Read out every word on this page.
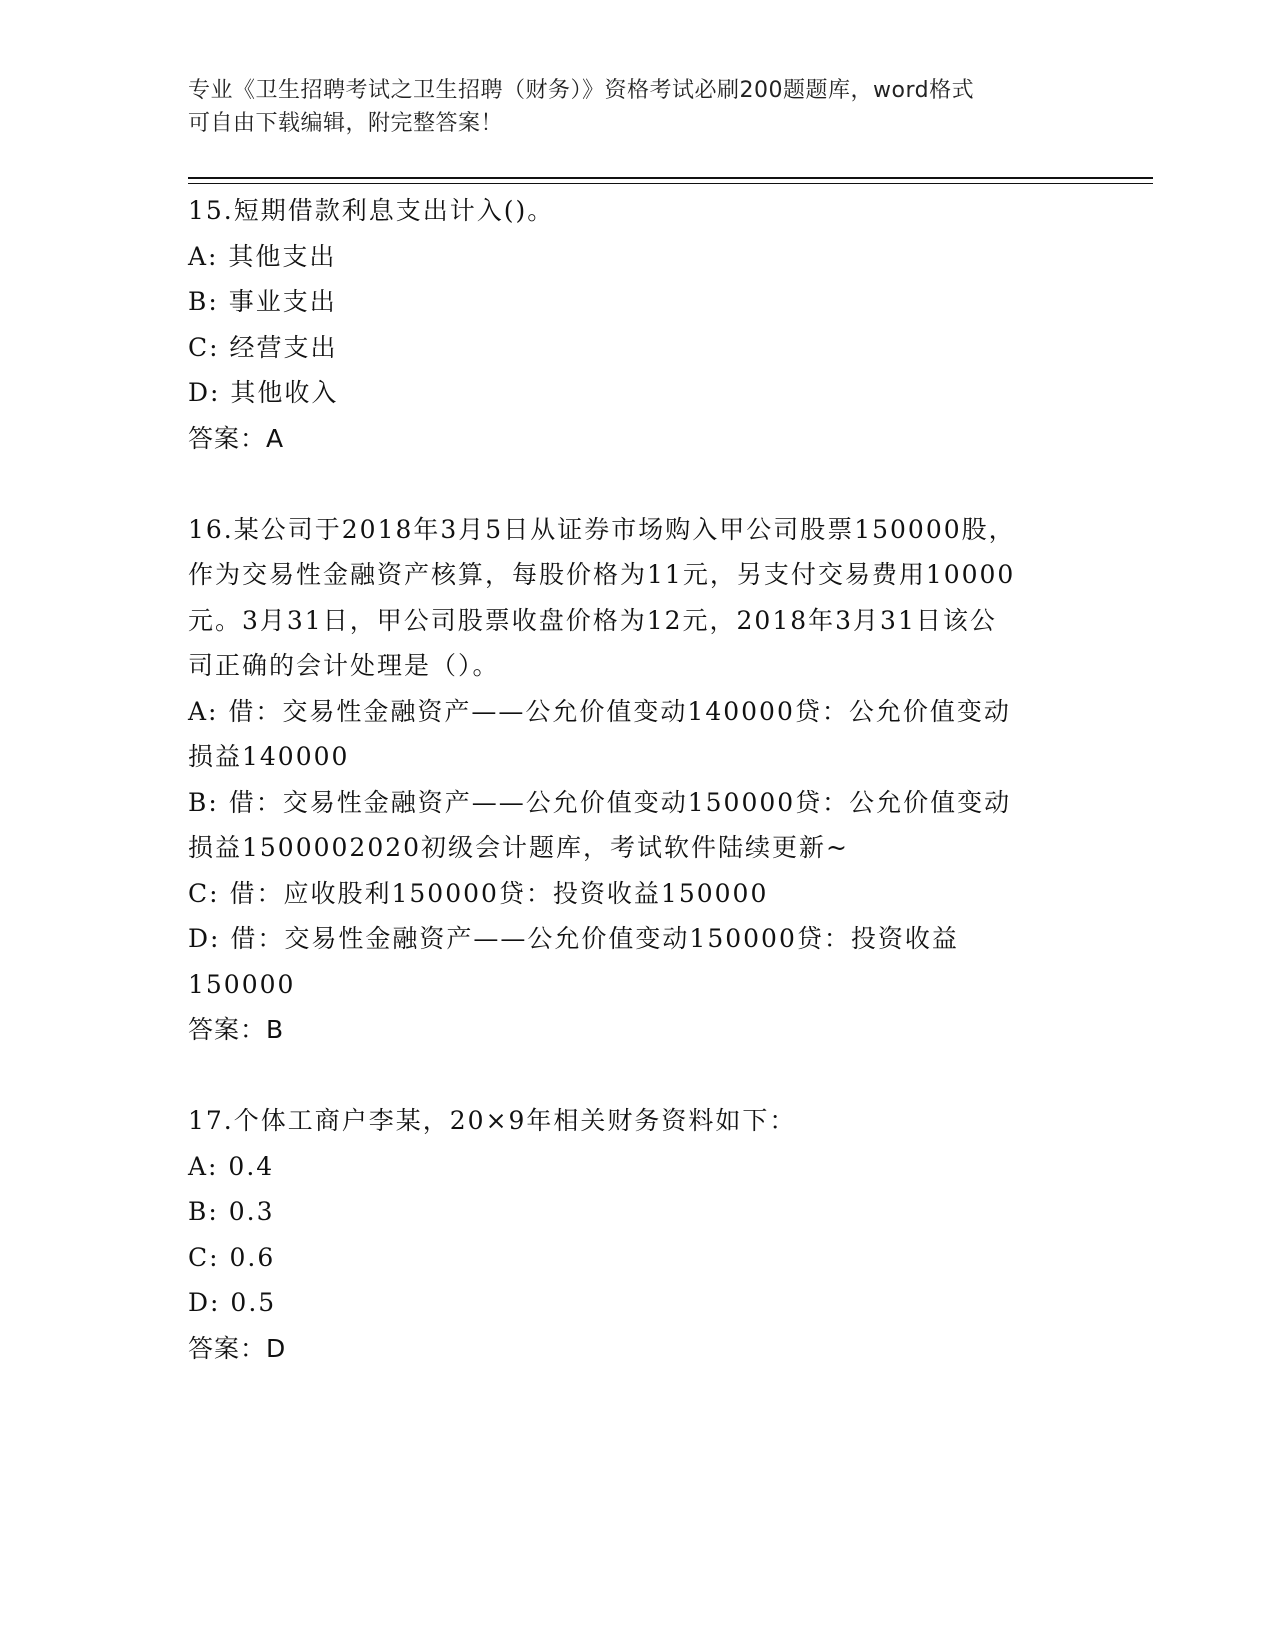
专业《卫生招聘考试之卫生招聘（财务）》资格考试必刷200题题库，word格式
可自由下载编辑，附完整答案！
15.短期借款利息支出计入()。
A: 其他支出
B: 事业支出
C: 经营支出
D: 其他收入
答案：A
16.某公司于2018年3月5日从证券市场购入甲公司股票150000股，
作为交易性金融资产核算，每股价格为11元，另支付交易费用10000
元。3月31日，甲公司股票收盘价格为12元，2018年3月31日该公
司正确的会计处理是（）。
A: 借：交易性金融资产——公允价值变动140000贷：公允价值变动
损益140000
B: 借：交易性金融资产——公允价值变动150000贷：公允价值变动
损益1500002020初级会计题库，考试软件陆续更新~
C: 借：应收股利150000贷：投资收益150000
D: 借：交易性金融资产——公允价值变动150000贷：投资收益
150000
答案：B
17.个体工商户李某，20×9年相关财务资料如下：
A: 0.4
B: 0.3
C: 0.6
D: 0.5
答案：D
